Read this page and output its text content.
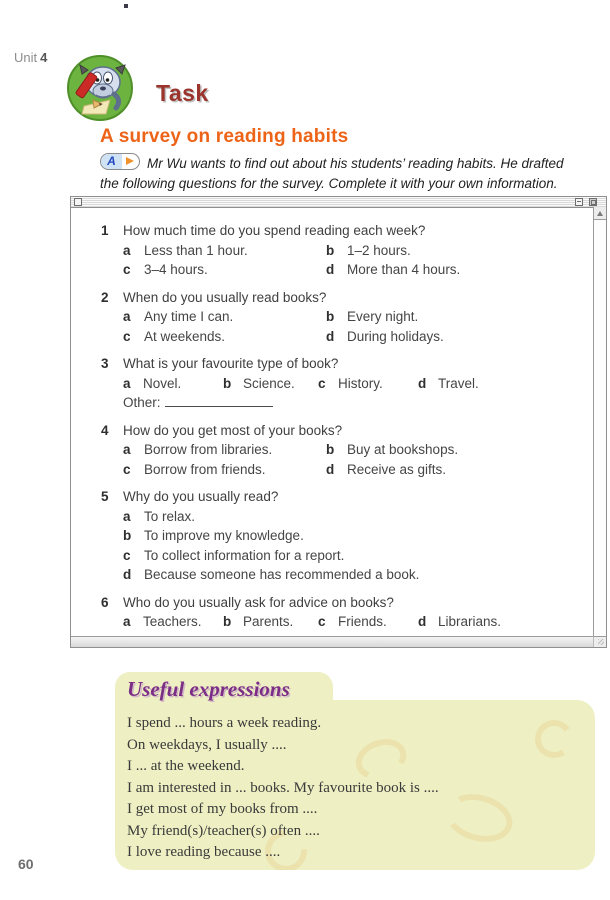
Unit 4
Task
A survey on reading habits
A	Mr Wu wants to find out about his students’ reading habits. He drafted the following questions for the survey. Complete it with your own information.
1	How much time do you spend reading each week?
a Less than 1 hour.	b 1–2 hours.
c 3–4 hours.	d More than 4 hours.
2	When do you usually read books?
a Any time I can.	b Every night.
c At weekends.	d During holidays.
3	What is your favourite type of book?
a Novel.	b Science. c History.	d Travel.
Other:
4	How do you get most of your books?
a Borrow from libraries.	b Buy at bookshops.
c Borrow from friends.	d Receive as gifts.
5	Why do you usually read?
a To relax.
b To improve my knowledge.
c To collect information for a report.
d Because someone has recommended a book.
6	Who do you usually ask for advice on books?
a Teachers. b Parents. c Friends. d Librarians.
Useful expressions
I spend ... hours a week reading.
On weekdays, I usually ....
I ... at the weekend.
I am interested in ... books. My favourite book is ....
I get most of my books from ....
My friend(s)/teacher(s) often ....
I love reading because ....
60
